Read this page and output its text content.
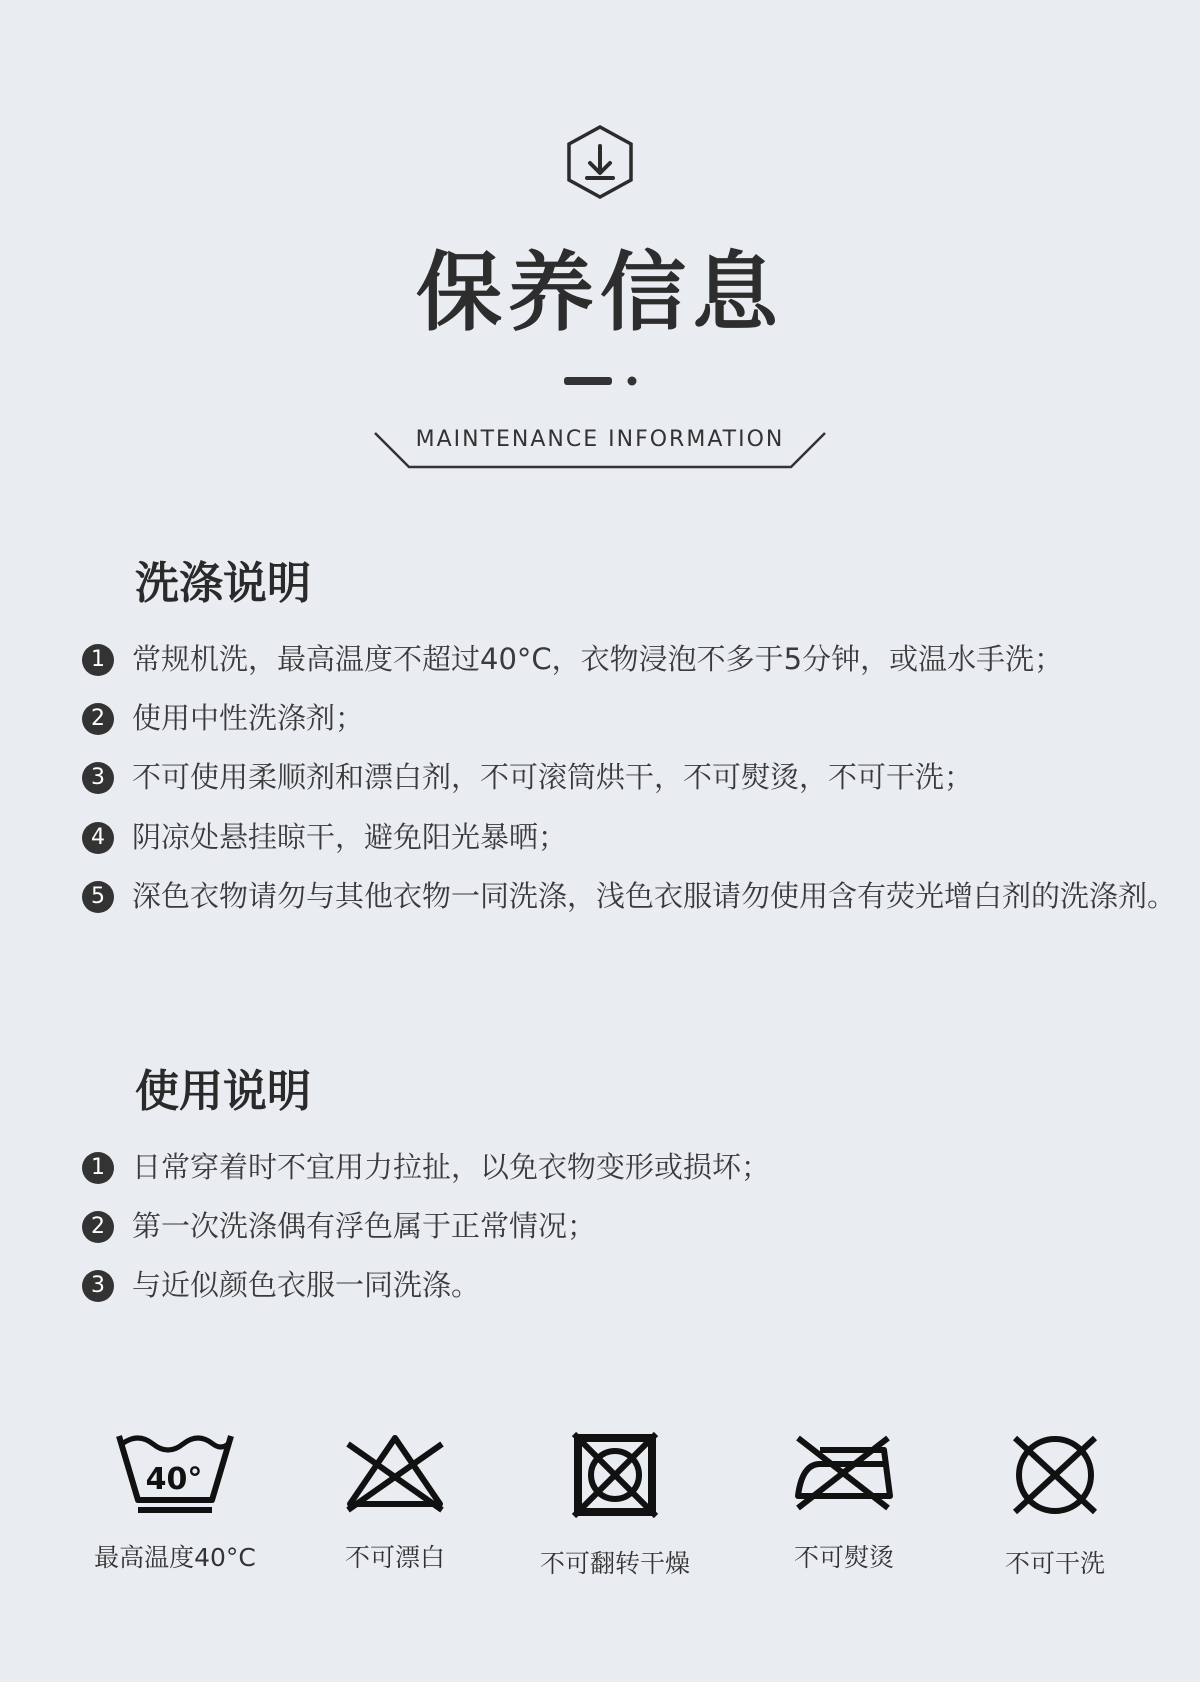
保养信息
MAINTENANCE INFORMATION
洗涤说明
1 常规机洗，最高温度不超过40°C，衣物浸泡不多于5分钟，或温水手洗；
2 使用中性洗涤剂；
3 不可使用柔顺剂和漂白剂，不可滚筒烘干，不可熨烫，不可干洗；
4 阴凉处悬挂晾干，避免阳光暴晒；
5 深色衣物请勿与其他衣物一同洗涤，浅色衣服请勿使用含有荧光增白剂的洗涤剂。
使用说明
1 日常穿着时不宜用力拉扯，以免衣物变形或损坏；
2 第一次洗涤偶有浮色属于正常情况；
3 与近似颜色衣服一同洗涤。
40°
最高温度40°C	不可漂白	不可翻转干燥	不可熨烫	不可干洗
